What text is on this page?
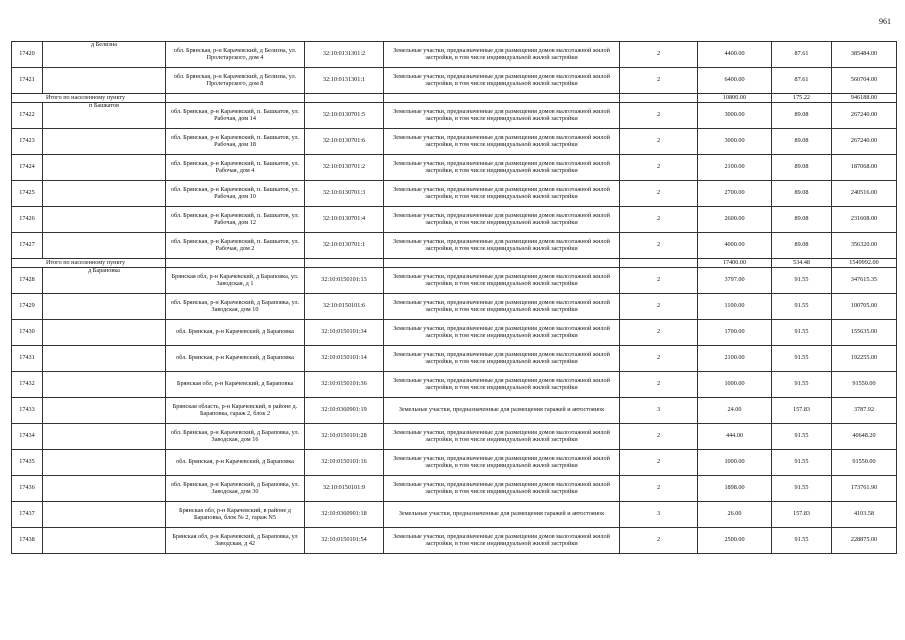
961
17420	д Белизна	обл. Брянская, р-н Карачевский, д Белизна, ул. Пролетарского, дом 4	32:10:0131301:2	Земельные участки, предназначенные для размещения домов малоэтажной жилой застройки, в том числе индивидуальной жилой застройки	2	4400.00	87.61	385484.00
17421		обл. Брянская, р-н Карачевский, д Белизна, ул. Пролетарского, дом 8	32:10:0131301:1	Земельные участки, предназначенные для размещения домов малоэтажной жилой застройки, в том числе индивидуальной жилой застройки	2	6400.00	87.61	560704.00
Итого по населенному пункту						10800.00	175.22	946188.00
17422	п Башкатов	обл. Брянская, р-н Карачевский, п. Башкатов, ул. Рабочая, дом 14	32:10:0130701:5	Земельные участки, предназначенные для размещения домов малоэтажной жилой застройки, в том числе индивидуальной жилой застройки	2	3000.00	89.08	267240.00
17423		обл. Брянская, р-н Карачевский, п. Башкатов, ул. Рабочая, дом 18	32:10:0130701:6	Земельные участки, предназначенные для размещения домов малоэтажной жилой застройки, в том числе индивидуальной жилой застройки	2	3000.00	89.08	267240.00
17424		обл. Брянская, р-н Карачевский, п. Башкатов, ул. Рабочая, дом 4	32:10:0130701:2	Земельные участки, предназначенные для размещения домов малоэтажной жилой застройки, в том числе индивидуальной жилой застройки	2	2100.00	89.08	187068.00
17425		обл. Брянская, р-н Карачевский, п. Башкатов, ул. Рабочая, дом 10	32:10:0130701:3	Земельные участки, предназначенные для размещения домов малоэтажной жилой застройки, в том числе индивидуальной жилой застройки	2	2700.00	89.08	240516.00
17426		обл. Брянская, р-н Карачевский, п. Башкатов, ул. Рабочая, дом 12	32:10:0130701:4	Земельные участки, предназначенные для размещения домов малоэтажной жилой застройки, в том числе индивидуальной жилой застройки	2	2600.00	89.08	231608.00
17427		обл. Брянская, р-н Карачевский, п. Башкатов, ул. Рабочая, дом 2	32:10:0130701:1	Земельные участки, предназначенные для размещения домов малоэтажной жилой застройки, в том числе индивидуальной жилой застройки	2	4000.00	89.08	356320.00
Итого по населенному пункту						17400.00	534.48	1549992.00
17428	д Барановка	Брянская обл, р-н Карачевский, д Бараповка, ул. Заводская, д 1	32:10:0150101:13	Земельные участки, предназначенные для размещения домов малоэтажной жилой застройки, в том числе индивидуальной жилой застройки	2	3797.00	91.55	347615.35
17429		обл. Брянская, р-н Карачевский, д Бараповка, ул. Заводская, дом 10	32:10:0150101:6	Земельные участки, предназначенные для размещения домов малоэтажной жилой застройки, в том числе индивидуальной жилой застройки	2	1100.00	91.55	100705.00
17430		обл. Брянская, р-н Карачевский, д Бараповка	32:10:0150101:34	Земельные участки, предназначенные для размещения домов малоэтажной жилой застройки, в том числе индивидуальной жилой застройки	2	1700.00	91.55	155635.00
17431		обл. Брянская, р-н Карачевский, д Бараповка	32:10:0150101:14	Земельные участки, предназначенные для размещения домов малоэтажной жилой застройки, в том числе индивидуальной жилой застройки	2	2100.00	91.55	192255.00
17432		Брянская обл, р-н Карачевский, д Бараповка	32:10:0150101:36	Земельные участки, предназначенные для размещения домов малоэтажной жилой застройки, в том числе индивидуальной жилой застройки	2	1000.00	91.55	91550.00
17433		Брянская область, р-н Карачевский, в районе д. Бараповка, гараж 2, блок 2	32:10:0360901:19	Земельные участки, предназначенные для размещения гаражей и автостоянок	3	24.00	157.83	3787.92
17434		обл. Брянская, р-н Карачевский, д Бараповка, ул. Заводская, дом 16	32:10:0150101:28	Земельные участки, предназначенные для размещения домов малоэтажной жилой застройки, в том числе индивидуальной жилой застройки	2	444.00	91.55	40648.20
17435		обл. Брянская, р-н Карачевский, д Бараповка	32:10:0150101:16	Земельные участки, предназначенные для размещения домов малоэтажной жилой застройки, в том числе индивидуальной жилой застройки	2	1000.00	91.55	91550.00
17436		обл. Брянская, р-н Карачевский, д Бараповка, ул. Заводская, дом 30	32:10:0150101:9	Земельные участки, предназначенные для размещения домов малоэтажной жилой застройки, в том числе индивидуальной жилой застройки	2	1898.00	91.55	173761.90
17437		Брянская обл, р-н Карачевский, в районе д Бараповка, блок № 2, гараж N5	32:10:0360901:18	Земельные участки, предназначенные для размещения гаражей и автостоянок	3	26.00	157.83	4103.58
17438		Брянская обл, р-н Карачевский, д Бараповка, ул Заводская, д 42	32:10:0150101:54	Земельные участки, предназначенные для размещения домов малоэтажной жилой застройки, в том числе индивидуальной жилой застройки	2	2500.00	91.55	228875.00
